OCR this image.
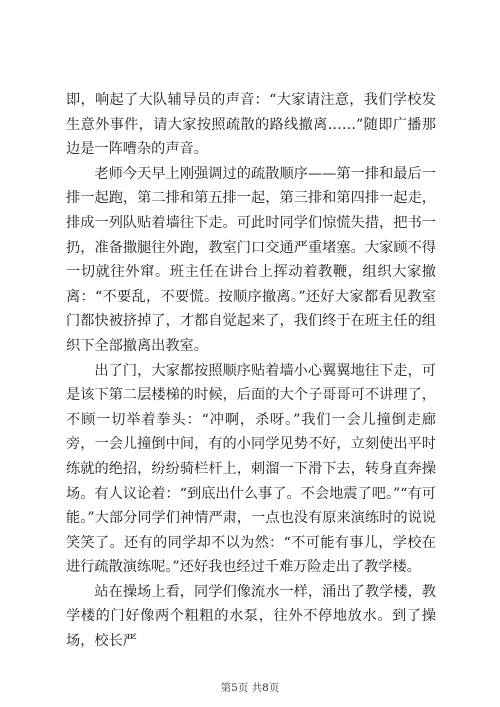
即，响起了大队辅导员的声音：“大家请注意，我们学校发生意外事件，请大家按照疏散的路线撤离……”随即广播那边是一阵嘈杂的声音。

老师今天早上刚强调过的疏散顺序——第一排和最后一排一起跑，第二排和第五排一起，第三排和第四排一起走，排成一列队贴着墙往下走。可此时同学们惊慌失措，把书一扔，准备撒腿往外跑，教室门口交通严重堵塞。大家顾不得一切就往外窜。班主任在讲台上挥动着教鞭，组织大家撤离：“不要乱，不要慌。按顺序撤离。”还好大家都看见教室门都快被挤掉了，才都自觉起来了，我们终于在班主任的组织下全部撤离出教室。

出了门，大家都按照顺序贴着墙小心翼翼地往下走，可是该下第二层楼梯的时候，后面的大个子哥哥可不讲理了，不顾一切举着拳头：“冲啊，杀呀。”我们一会儿撞倒走廊旁，一会儿撞倒中间，有的小同学见势不好，立刻使出平时练就的绝招，纷纷骑栏杆上，刺溜一下滑下去，转身直奔操场。有人议论着：“到底出什么事了。不会地震了吧。”“有可能。”大部分同学们神情严肃，一点也没有原来演练时的说说笑笑了。还有的同学却不以为然：“不可能有事儿，学校在进行疏散演练呢。”还好我也经过千难万险走出了教学楼。

站在操场上看，同学们像流水一样，涌出了教学楼，教学楼的门好像两个粗粗的水泵，往外不停地放水。到了操场，校长严

第5页 共8页
